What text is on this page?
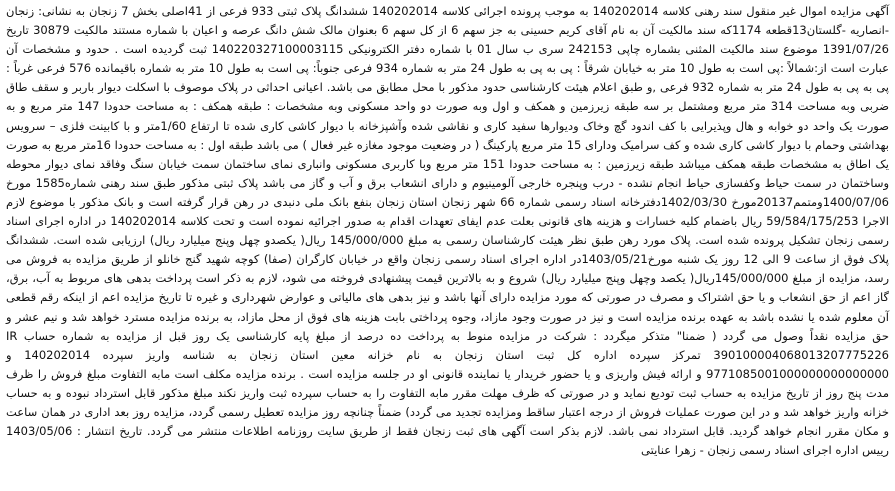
آگهی مزایده اموال غیر منقول سند رهنی کلاسه 140202014 به موجب پرونده اجرائی کلاسه 140202014 ششدانگ پلاک ثبتی 933 فرعی از 41اصلی بخش 7 زنجان به نشانی: زنجان -انصاریه -گلستان13قطعه 1174که سند مالکیت آن به نام آقای کریم حسینی به جز سهم 6 از کل سهم 6 بعنوان مالک شش دانگ عرصه و اعیان با شماره مستند مالکیت 30879 تاریخ 1391/07/26 موضوع سند مالکیت المثنی بشماره چاپی 242153 سری ب سال 01 با شماره دفتر الکترونیکی 140220327100003115 ثبت گردیده است . حدود و مشخصات آن عبارت است از:شمالاً :پی است به طول 10 متر به خیابان شرقاً : پی به پی به طول 24 متر به شماره 934 فرعی جنوباً: پی است به طول 10 متر به شماره باقیمانده 576 فرعی غرباً : پی به پی به طول 24 متر به شماره 932 فرعی ,و طبق اعلام هیئت کارشناسی حدود مذکور با محل مطابق می باشد. اعیانی احداثی در پلاک موصوف با اسکلت دیوار باربر و سقف طاق ضربی وبه مساحت 314 متر مربع ومشتمل بر سه طبقه زیرزمین و همکف و اول وبه صورت دو واحد مسکونی وبه مشخصات : طبقه همکف : به مساحت حدودا 147 متر مربع و به صورت یک واحد دو خوابه و هال وپذیرایی با کف اندود گچ وخاک ودیوارها سفید کاری و نقاشی شده وآشپزخانه با دیوار کاشی کاری شده تا ارتفاع 1/60متر و با کابینت فلزی – سرویس بهداشتی وحمام با دیوار کاشی کاری شده و کف سرامیک ودارای 15 متر مربع پارکینگ ( در وضعیت موجود مغازه غیر فعال ) می باشد طبقه اول : به مساحت حدودا 16متر مربع به صورت یک اطاق به مشخصات طبقه همکف میباشد طبقه زیرزمین : به مساحت حدودا 151 متر مربع وبا کاربری مسکونی وانباری نمای ساختمان سمت خیابان سنگ وفاقد نمای دیوار محوطه وساختمان در سمت حیاط وکفسازی حیاط انجام نشده - درب وپنجره خارجی آلومینیوم و دارای انشعاب برق و آب و گاز می باشد پلاک ثبتی مذکور طبق سند رهنی شماره1585 مورخ 1400/07/06ومتمم20137مورخ 1402/03/30دفترخانه اسناد رسمی شماره 66 شهر زنجان استان زنجان بنفع بانک ملی دنبدی در رهن قرار گرفته است و بانک مذکور با موضوع لازم الاجرا 59/584/175/253 ریال باضمام کلیه خسارات و هزینه های قانونی بعلت عدم ایفای تعهدات اقدام به صدور اجرائیه نموده است و تحت کلاسه 140202014 در اداره اجرای اسناد رسمی زنجان تشکیل پرونده شده است. پلاک مورد رهن طبق نظر هیئت کارشناسان رسمی به مبلغ 145/000/000 ریال( یکصدو چهل وپنج میلیارد ریال) ارزیابی شده است. ششدانگ پلاک فوق از ساعت 9 الی 12 روز یک شنبه مورخ1403/05/21در اداره اجرای اسناد رسمی زنجان واقع در خیابان کارگران (صفا) کوچه شهید گنج خانلو از طریق مزایده به فروش می رسد، مزایده از مبلغ 145/000/000ریال( یکصد وچهل وپنج میلیارد ریال) شروع و به بالاترین قیمت پیشنهادی فروخته می شود، لازم به ذکر است پرداخت بدهی های مربوط به آب، برق، گاز اعم از حق انشعاب و یا حق اشتراک و مصرف در صورتی که مورد مزایده دارای آنها باشد و نیز بدهی های مالیاتی و عوارض شهرداری و غیره تا تاریخ مزایده اعم از اینکه رقم قطعی آن معلوم شده یا نشده باشد به عهده برنده مزایده است و نیز در صورت وجود مازاد، وجوه پرداختی بابت هزینه های فوق از محل مازاد، به برنده مزایده مسترد خواهد شد و نیم عشر و حق مزایده نقداً وصول می گردد ( ضمنا" متذکر میگردد : شرکت در مزایده منوط به پرداخت ده درصد از مبلغ پایه کارشناسی یک روز قبل از مزایده به شماره حساب IR 390100004068013207775226 تمرکز سپرده اداره کل ثبت استان زنجان به نام خزانه معین استان زنجان به شناسه واریز سپرده 140202014 و 9771085001000000000000000 و ارائه فیش واریزی و یا حضور خریدار یا نماینده قانونی او در جلسه مزایده است . برنده مزایده مکلف است مابه التفاوت مبلغ فروش را ظرف مدت پنج روز از تاریخ مزایده به حساب ثبت تودیع نماید و در صورتی که ظرف مهلت مقرر مابه التفاوت را به حساب سپرده ثبت واریز نکند مبلغ مذکور قابل استرداد نبوده و به حساب خزانه واریز خواهد شد و در این صورت عملیات فروش از درجه اعتبار ساقط ومزایده تجدید می گردد) ضمناً چنانچه روز مزایده تعطیل رسمی گردد، مزایده روز بعد اداری در همان ساعت و مکان مقرر انجام خواهد گردید. قابل استرداد نمی باشد. لازم بذکر است آگهی های ثبت زنجان فقط از طریق سایت روزنامه اطلاعات منتشر می گردد. تاریخ انتشار : 1403/05/06 رییس اداره اجرای اسناد رسمی زنجان - زهرا عنایتی
